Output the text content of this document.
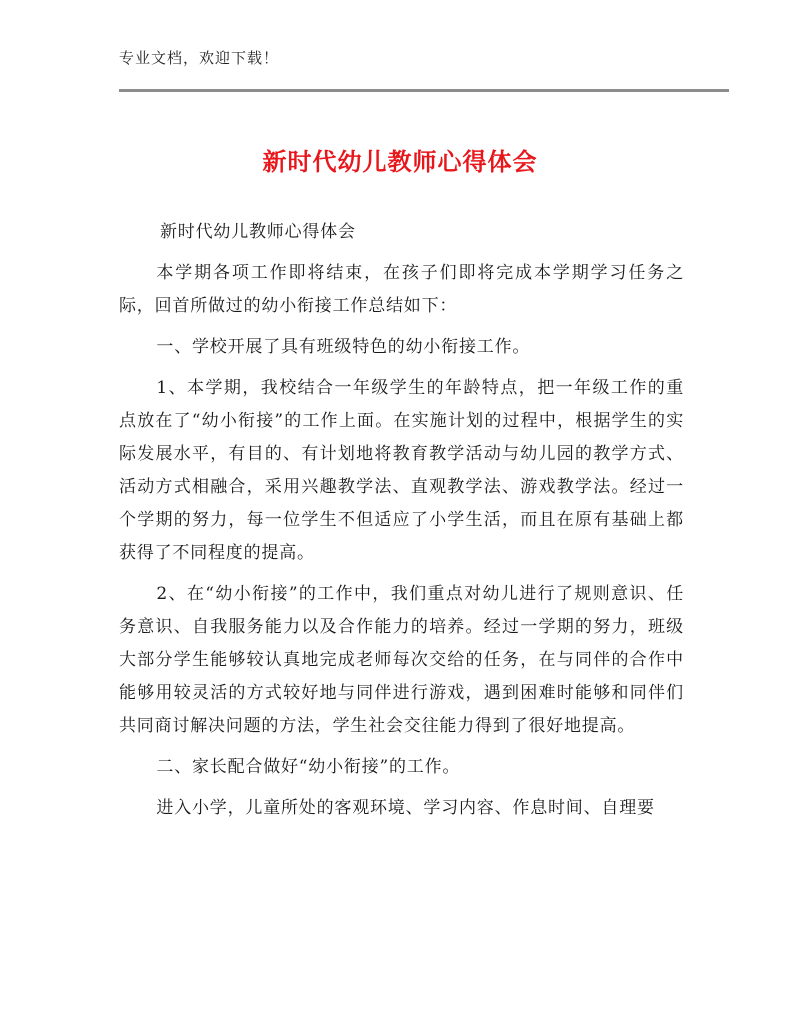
专业文档，欢迎下载！
新时代幼儿教师心得体会

新时代幼儿教师心得体会

本学期各项工作即将结束，在孩子们即将完成本学期学习任务之际，回首所做过的幼小衔接工作总结如下：

一、学校开展了具有班级特色的幼小衔接工作。

1、本学期，我校结合一年级学生的年龄特点，把一年级工作的重点放在了“幼小衔接”的工作上面。在实施计划的过程中，根据学生的实际发展水平，有目的、有计划地将教育教学活动与幼儿园的教学方式、活动方式相融合，采用兴趣教学法、直观教学法、游戏教学法。经过一个学期的努力，每一位学生不但适应了小学生活，而且在原有基础上都获得了不同程度的提高。

2、在“幼小衔接”的工作中，我们重点对幼儿进行了规则意识、任务意识、自我服务能力以及合作能力的培养。经过一学期的努力，班级大部分学生能够较认真地完成老师每次交给的任务，在与同伴的合作中能够用较灵活的方式较好地与同伴进行游戏，遇到困难时能够和同伴们共同商讨解决问题的方法，学生社会交往能力得到了很好地提高。

二、家长配合做好“幼小衔接”的工作。

进入小学，儿童所处的客观环境、学习内容、作息时间、自理要
